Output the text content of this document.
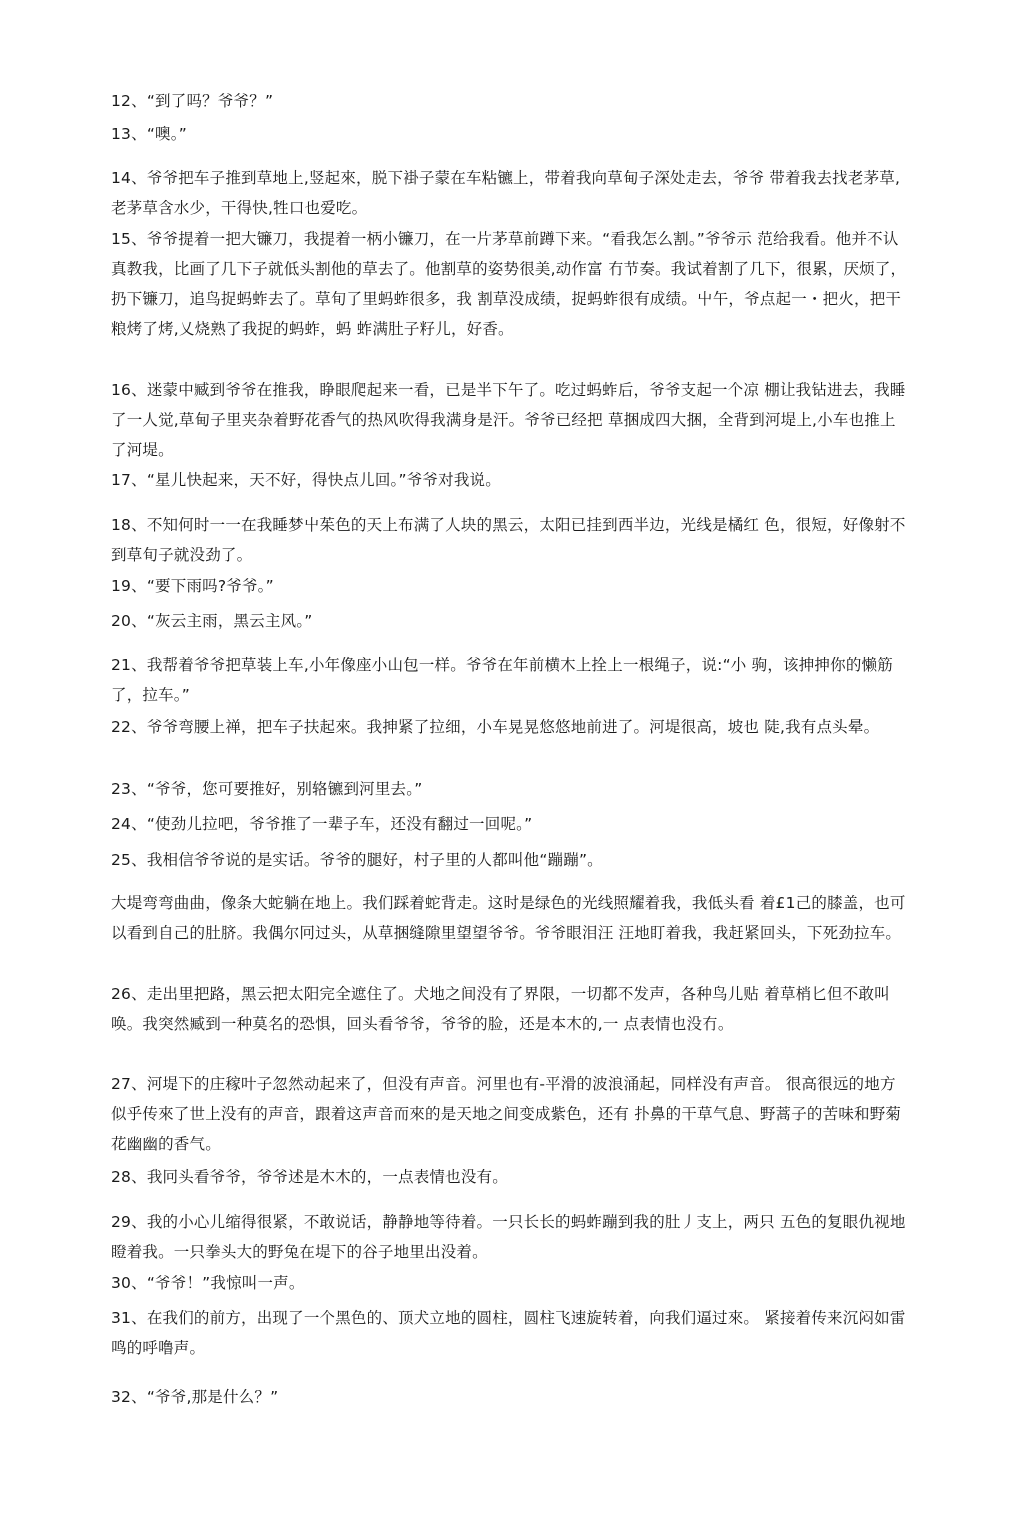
12、“到了吗？爷爷？”
13、“噢。”
14、爷爷把车子推到草地上,竖起來，脱下褂子蒙在车粘镳上，带着我向草甸子深处走去，爷爷 带着我去找老茅草,老茅草含水少，干得快,牲口也爱吃。
15、爷爷提着一把大镰刀，我提着一柄小镰刀，在一片茅草前蹲下来。“看我怎么割。”爷爷示 范给我看。他并不认真教我，比画了几下子就低头割他的草去了。他割草的姿势很美,动作富 冇节奏。我试着割了几下，很累，厌烦了，扔下镰刀，追鸟捉蚂蚱去了。草旬了里蚂蚱很多，我 割草没成绩，捉蚂蚱很有成绩。屮午，爷点起一・把火，把干粮烤了烤,乂烧熟了我捉的蚂蚱，蚂 蚱满肚子籽儿，好香。
16、迷蒙中臧到爷爷在推我，睁眼爬起来一看，已是半下午了。吃过蚂蚱后，爷爷支起一个凉 棚让我钻进去，我睡了一人觉,草甸子里夹杂着野花香气的热风吹得我满身是汗。爷爷已经把 草捆成四大捆，全背到河堤上,小车也推上了河堤。
17、“星儿快起来，天不好，得快点儿回。”爷爷对我说。
18、不知何时一一在我睡梦屮茱色的天上布满了人块的黑云，太阳已挂到西半边，光线是橘红 色，很短，好像射不到草旬子就没劲了。
19、“要下雨吗?爷爷。”
20、“灰云主雨，黑云主风。”
21、我帮着爷爷把草装上车,小年像座小山包一样。爷爷在年前横木上拴上一根绳子，说:“小 驹，该抻抻你的懒筋了，拉车。”
22、爷爷弯腰上禅，把车子扶起來。我抻紧了拉细，小车晃晃悠悠地前进了。河堤很高，坡也 陡,我有点头晕。
23、“爷爷，您可要推好，别辂镳到河里去。”
24、“使劲儿拉吧，爷爷推了一辈子车，还没有翻过一回呢。”
25、我相信爷爷说的是实话。爷爷的腿好，村子里的人都叫他“蹦蹦”。
大堤弯弯曲曲，像条大蛇躺在地上。我们踩着蛇背走。这时是绿色的光线照耀着我，我低头看 着£1己的膝盖，也可以看到自己的肚脐。我偶尔冋过头，从草捆缝隙里望望爷爷。爷爷眼泪汪 汪地盯着我，我赶紧回头，下死劲拉车。
26、走出里把路，黑云把太阳完全遮住了。犬地之间没有了界限，一切都不发声，各种鸟儿贴 着草梢匕但不敢叫唤。我突然臧到一种莫名的恐惧，回头看爷爷，爷爷的脸，还是本木的,一 点表情也没冇。
27、河堤下的庄稼叶子忽然动起来了，但没有声音。河里也有-平滑的波浪涌起，同样没有声音。 很高很远的地方似乎传來了世上没有的声音，跟着这声音而來的是天地之间变成紫色，还有 扑鼻的干草气息、野蒿子的苦味和野菊花幽幽的香气。
28、我冋头看爷爷，爷爷述是木木的，一点表情也没有。
29、我的小心儿缩得很紧，不敢说话，静静地等待着。一只长长的蚂蚱蹦到我的肚丿支上，两只 五色的复眼仇视地瞪着我。一只拳头大的野兔在堤下的谷子地里出没着。
30、“爷爷！”我惊叫一声。
31、在我们的前方，出现了一个黑色的、顶犬立地的圆柱，圆柱飞速旋转着，向我们逼过來。 紧接着传来沉闷如雷鸣的呼噜声。
32、“爷爷,那是什么？”
